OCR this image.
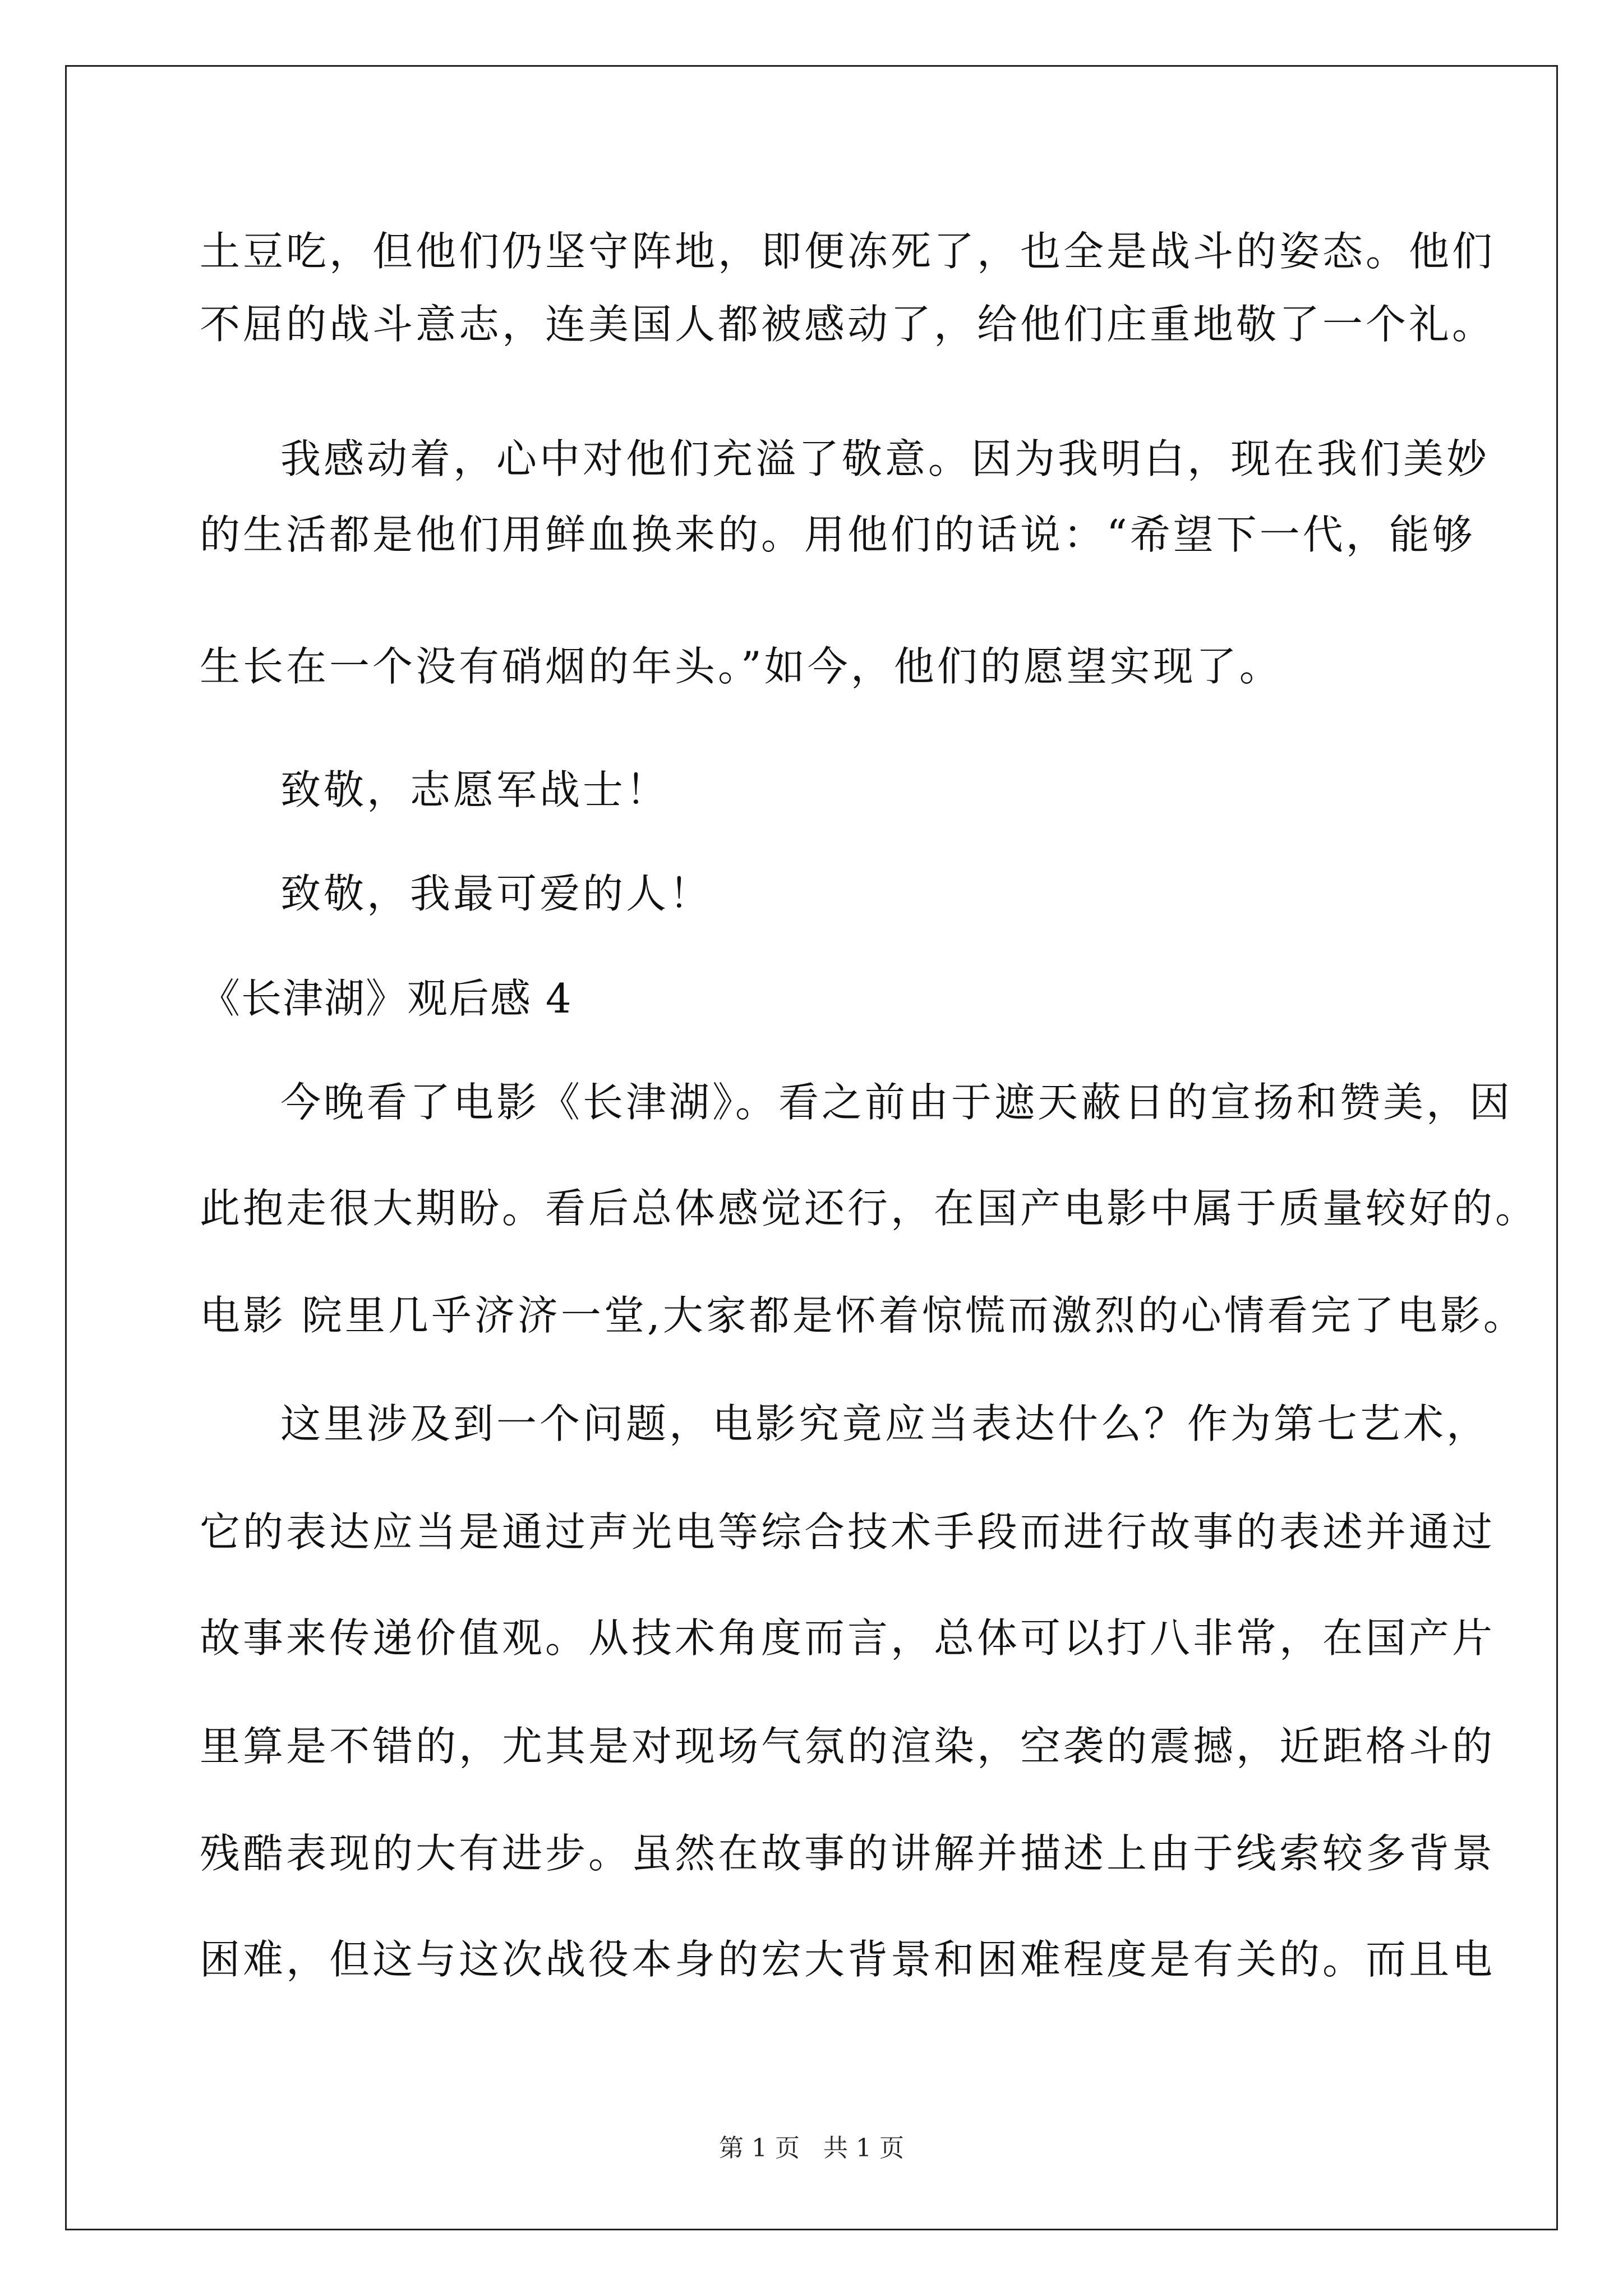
土豆吃，但他们仍坚守阵地，即便冻死了，也全是战斗的姿态。他们
不屈的战斗意志，连美国人都被感动了，给他们庄重地敬了一个礼。
我感动着，心中对他们充溢了敬意。因为我明白，现在我们美妙
的生活都是他们用鲜血换来的。用他们的话说：“希望下一代，能够
生长在一个没有硝烟的年头。”如今，他们的愿望实现了。
致敬，志愿军战士！
致敬，我最可爱的人！
《长津湖》观后感 4
今晚看了电影《长津湖》。看之前由于遮天蔽日的宣扬和赞美，因
此抱走很大期盼。看后总体感觉还行，在国产电影中属于质量较好的。
电影 院里几乎济济一堂,大家都是怀着惊慌而激烈的心情看完了电影。
这里涉及到一个问题，电影究竟应当表达什么？作为第七艺术，
它的表达应当是通过声光电等综合技术手段而进行故事的表述并通过
故事来传递价值观。从技术角度而言，总体可以打八非常，在国产片
里算是不错的，尤其是对现场气氛的渲染，空袭的震撼，近距格斗的
残酷表现的大有进步。虽然在故事的讲解并描述上由于线索较多背景
困难，但这与这次战役本身的宏大背景和困难程度是有关的。而且电
第 1 页   共 1 页
